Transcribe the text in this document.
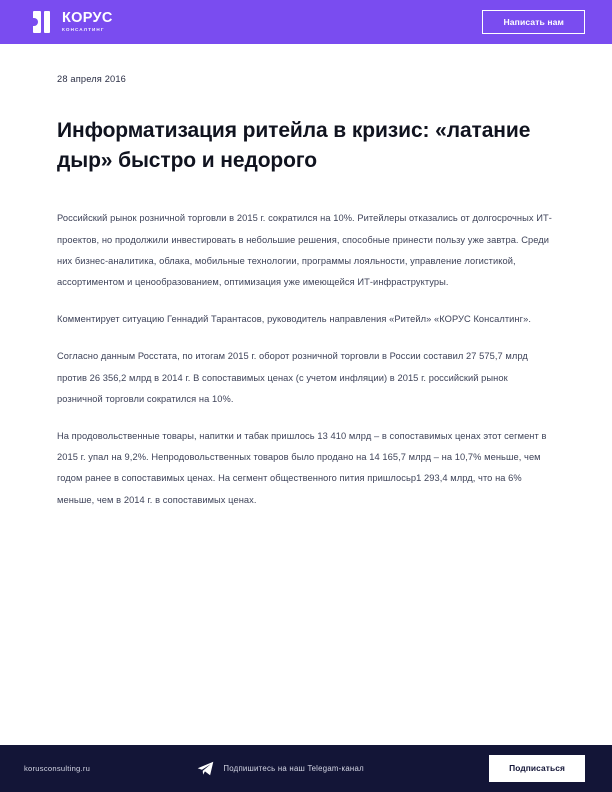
КОРУС
КОНСАЛТИНГ
Написать нам

28 апреля 2016

Информатизация ритейла в кризис: «латание дыр» быстро и недорого

Российский рынок розничной торговли в 2015 г. сократился на 10%. Ритейлеры отказались от долгосрочных ИТ-проектов, но продолжили инвестировать в небольшие решения, способные принести пользу уже завтра. Среди них бизнес-аналитика, облака, мобильные технологии, программы лояльности, управление логистикой, ассортиментом и ценообразованием, оптимизация уже имеющейся ИТ-инфраструктуры.

Комментирует ситуацию Геннадий Тарантасов, руководитель направления «Ритейл» «КОРУС Консалтинг».

Согласно данным Росстата, по итогам 2015 г. оборот розничной торговли в России составил 27 575,7 млрд против 26 356,2 млрд в 2014 г. В сопоставимых ценах (с учетом инфляции) в 2015 г. российский рынок розничной торговли сократился на 10%.

На продовольственные товары, напитки и табак пришлось 13 410 млрд – в сопоставимых ценах этот сегмент в 2015 г. упал на 9,2%. Непродовольственных товаров было продано на 14 165,7 млрд – на 10,7% меньше, чем годом ранее в сопоставимых ценах. На сегмент общественного пития пришлосьр1 293,4 млрд, что на 6% меньше, чем в 2014 г. в сопоставимых ценах.

korusconsulting.ru	Подпишитесь на наш Telegam-канал	Подписаться
